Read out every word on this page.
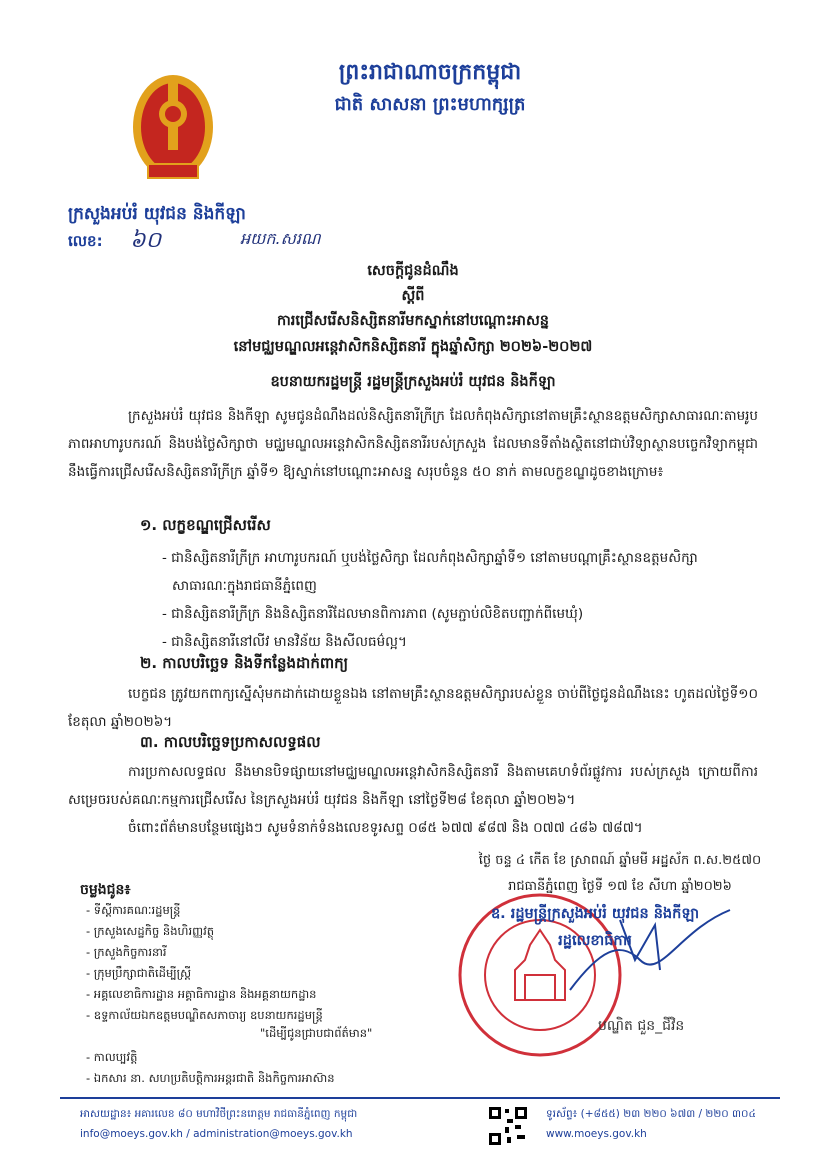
ព្រះរាជាណាចក្រកម្ពុជា
ជាតិ សាសនា ព្រះមហាក្សត្រ
ក្រសួងអប់រំ យុវជន និងកីឡា
លេខ: ៦០	អយក.សរណ
សេចក្តីជូនដំណឹង
ស្តីពី
ការជ្រើសរើសនិស្សិតនារីមកស្នាក់នៅបណ្តោះអាសន្ន
នៅមជ្ឈមណ្ឌលអន្តេវាសិកនិស្សិតនារី ក្នុងឆ្នាំសិក្សា ២០២៦-២០២៧
ឧបនាយករដ្ឋមន្ត្រី រដ្ឋមន្ត្រីក្រសួងអប់រំ យុវជន និងកីឡា
ក្រសួងអប់រំ យុវជន និងកីឡា សូមជូនដំណឹងដល់និស្សិតនារីក្រីក្រ ដែលកំពុងសិក្សានៅតាមគ្រឹះស្ថានឧត្តមសិក្សាសាធារណៈតាមរូបភាពអាហារូបករណ៍ និងបង់ថ្លៃសិក្សាថា មជ្ឈមណ្ឌលអន្តេវាសិកនិស្សិតនារីរបស់ក្រសួង ដែលមានទីតាំងស្ថិតនៅជាប់វិទ្យាស្ថានបច្ចេកវិទ្យាកម្ពុជា នឹងធ្វើការជ្រើសរើសនិស្សិតនារីក្រីក្រ ឆ្នាំទី១ ឱ្យស្នាក់នៅបណ្តោះអាសន្ន សរុបចំនួន ៥០ នាក់ តាមលក្ខខណ្ឌដូចខាងក្រោម៖
១. លក្ខខណ្ឌជ្រើសរើស
- ជានិស្សិតនារីក្រីក្រ អាហារូបករណ៍ ឬបង់ថ្លៃសិក្សា ដែលកំពុងសិក្សាឆ្នាំទី១ នៅតាមបណ្តាគ្រឹះស្ថានឧត្តមសិក្សា
សាធារណៈក្នុងរាជធានីភ្នំពេញ
- ជានិស្សិតនារីក្រីក្រ និងនិស្សិតនារីដែលមានពិការភាព (សូមភ្ជាប់លិខិតបញ្ជាក់ពីមេឃុំ)
- ជានិស្សិតនារីនៅលីវ មានវិន័យ និងសីលធម៌ល្អ។
២. កាលបរិច្ឆេទ និងទីកន្លែងដាក់ពាក្យ
បេក្ខជន ត្រូវយកពាក្យស្នើសុំមកដាក់ដោយខ្លួនឯង នៅតាមគ្រឹះស្ថានឧត្តមសិក្សារបស់ខ្លួន ចាប់ពីថ្ងៃជូនដំណឹងនេះ ហូតដល់ថ្ងៃទី១០ ខែតុលា ឆ្នាំ២០២៦។
៣. កាលបរិច្ឆេទប្រកាសលទ្ធផល
ការប្រកាសលទ្ធផល នឹងមានបិទផ្សាយនៅមជ្ឈមណ្ឌលអន្តេវាសិកនិស្សិតនារី និងតាមគេហទំព័រផ្លូវការ របស់ក្រសួង ក្រោយពីការសម្រេចរបស់គណៈកម្មការជ្រើសរើស នៃក្រសួងអប់រំ យុវជន និងកីឡា នៅថ្ងៃទី២៨ ខែតុលា ឆ្នាំ២០២៦។
ចំពោះព័ត៌មានបន្ថែមផ្សេងៗ សូមទំនាក់ទំនងលេខទូរសព្ទ ០៨៥ ៦៧៧ ៩៨៧ និង ០៧៧ ៤៨៦ ៧៨៧។
ថ្ងៃ ចន្ទ ៤ កើត ខែ ស្រាពណ៍ ឆ្នាំមមី អដ្ឋស័ក ព.ស.២៥៧០
រាជធានីភ្នំពេញ ថ្ងៃទី ១៧ ខែ សីហា ឆ្នាំ២០២៦
ឧ. រដ្ឋមន្ត្រីក្រសួងអប់រំ យុវជន និងកីឡា
រដ្ឋលេខាធិការ
បណ្ឌិត ជួន_ជីវិន
ចម្លងជូន៖
- ទីស្តីការគណៈរដ្ឋមន្ត្រី
- ក្រសួងសេដ្ឋកិច្ច និងហិរញ្ញវត្ថុ
- ក្រសួងកិច្ចការនារី
- ក្រុមប្រឹក្សាជាតិដើម្បីស្ត្រី
- អគ្គលេខាធិការដ្ឋាន អគ្គាធិការដ្ឋាន និងអគ្គនាយកដ្ឋាន
- ឧទ្ទកាល័យឯកឧត្តមបណ្ឌិតសភាចារ្យ ឧបនាយករដ្ឋមន្ត្រី
"ដើម្បីជូនជ្រាបជាព័ត៌មាន"
- កាលប្បវត្តិ
- ឯកសារ នា. សហប្រតិបត្តិការអន្តរជាតិ និងកិច្ចការអាស៊ាន
អាសយដ្ឋាន៖ អគារលេខ ៨០ មហាវិថីព្រះនរោត្តម រាជធានីភ្នំពេញ កម្ពុជា
info@moeys.gov.kh / administration@moeys.gov.kh
ទូរស័ព្ទ៖ (+៨៥៥) ២៣ ២២០ ៦៧៣ / ២២០ ៣០៤
www.moeys.gov.kh
